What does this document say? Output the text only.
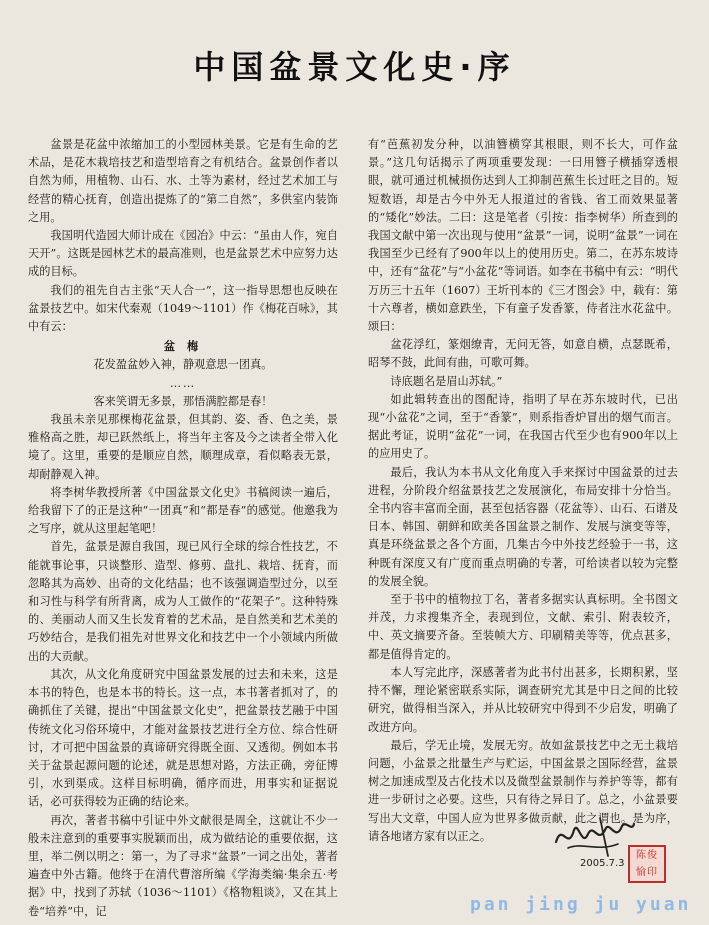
中国盆景文化史·序

盆景是花盆中浓缩加工的小型园林美景。它是有生命的艺术品，是花木栽培技艺和造型培育之有机结合。盆景创作者以自然为师，用植物、山石、水、土等为素材，经过艺术加工与经营的精心抚育，创造出提炼了的“第二自然”，多供室内装饰之用。

我国明代造园大师计成在《园冶》中云：“虽由人作，宛自天开”。这既是园林艺术的最高准则，也是盆景艺术中应努力达成的目标。

我们的祖先自古主张“天人合一”，这一指导思想也反映在盆景技艺中。如宋代秦观（1049～1101）作《梅花百咏》，其中有云：

盆 梅

花发盈盆妙入神，静观意思一团真。

……

客来笑谓无多景，那悟满腔都是春！

我虽未亲见那棵梅花盆景，但其韵、姿、香、色之美，景雅格高之胜，却已跃然纸上，将当年主客及今之读者全带入化境了。这里，重要的是顺应自然，顺理成章，看似略表无景，却耐静观入神。

将李树华教授所著《中国盆景文化史》书稿阅读一遍后，给我留下了的正是这种“一团真”和“都是春”的感觉。他邀我为之写序，就从这里起笔吧！

首先，盆景是源自我国，现已风行全球的综合性技艺，不能就事论事，只谈整形、造型、修剪、盘扎、栽培、抚育，而忽略其为高妙、出奇的文化结晶；也不该强调造型过分，以至和习性与科学有所背离，成为人工做作的“花架子”。这种特殊的、美丽动人而又生长发育着的艺术品，是自然美和艺术美的巧妙结合，是我们祖先对世界文化和技艺中一个小领域内所做出的大贡献。

其次，从文化角度研究中国盆景发展的过去和未来，这是本书的特色，也是本书的特长。这一点，本书著者抓对了，的确抓住了关键，提出“中国盆景文化史”，把盆景技艺融于中国传统文化习俗环境中，才能对盆景技艺进行全方位、综合性研讨，才可把中国盆景的真谛研究得既全面、又透彻。例如本书关于盆景起源问题的论述，就是思想对路，方法正确，旁征博引，水到渠成。这样目标明确，循序而进，用事实和证据说话，必可获得较为正确的结论来。

再次，著者书稿中引证中外文献很是周全，这就让不少一般未注意到的重要事实脱颖而出，成为做结论的重要依据，这里，举二例以明之：第一，为了寻求“盆景”一词之出处，著者遍查中外古籍。他终于在清代曹溶所编《学海类编·集余五·考据》中，找到了苏轼（1036～1101）《格物粗谈》，又在其上卷“培养”中，记

有“芭蕉初发分种，以油簪横穿其根眼，则不长大，可作盆景。”这几句话揭示了两项重要发现：一曰用簪子横插穿透根眼，就可通过机械损伤达到人工抑制芭蕉生长过旺之目的。短短数语，却是古今中外无人报道过的省钱、省工而效果显著的“矮化”妙法。二曰：这是笔者（引按：指李树华）所查到的我国文献中第一次出现与使用“盆景”一词，说明“盆景”一词在我国至少已经有了900年以上的使用历史。第二，在苏东坡诗中，还有“盆花”与“小盆花”等词语。如李在书稿中有云：“明代万历三十五年（1607）王圻刊本的《三才图会》中，载有：第十六尊者，横如意跌坐，下有童子发香篆，侍者注水花盆中。颂曰：

盆花浮红，篆烟缭青，无问无答，如意自横，点瑟既希，昭琴不鼓，此间有曲，可歌可舞。

诗底题名是眉山苏轼。”

如此辑转查出的图配诗，指明了早在苏东坡时代，已出现“小盆花”之词，至于“香篆”，则系指香炉冒出的烟气而言。据此考证，说明“盆花”一词，在我国古代至少也有900年以上的应用史了。

最后，我认为本书从文化角度入手来探讨中国盆景的过去进程，分阶段介绍盆景技艺之发展演化，布局安排十分恰当。全书内容丰富而全面，甚至包括容器（花盆等）、山石、石谱及日本、韩国、朝鲜和欧美各国盆景之制作、发展与演变等等，真是环绕盆景之各个方面，几集古今中外技艺经验于一书，这种既有深度又有广度而重点明确的专著，可给读者以较为完整的发展全貌。

至于书中的植物拉丁名，著者多据实认真标明。全书图文并茂，力求搜集齐全，表现到位，文献、索引、附表较齐，中、英文摘要齐备。至装帧大方、印刷精美等等，优点甚多，都是值得肯定的。

本人写完此序，深感著者为此书付出甚多，长期积累，坚持不懈，理论紧密联系实际，调查研究尤其是中日之间的比较研究，做得相当深入，并从比较研究中得到不少启发，明确了改进方向。

最后，学无止境，发展无穷。故如盆景技艺中之无土栽培问题，小盆景之批量生产与贮运，中国盆景之国际经营，盆景树之加速成型及古化技术以及微型盆景制作与养护等等，都有进一步研讨之必要。这些，只有待之异日了。总之，小盆景要写出大文章，中国人应为世界多做贡献，此之谓也。是为序，请各地诸方家有以正之。

2005.7.3
陈俊
愉印
pan jing ju yuan
